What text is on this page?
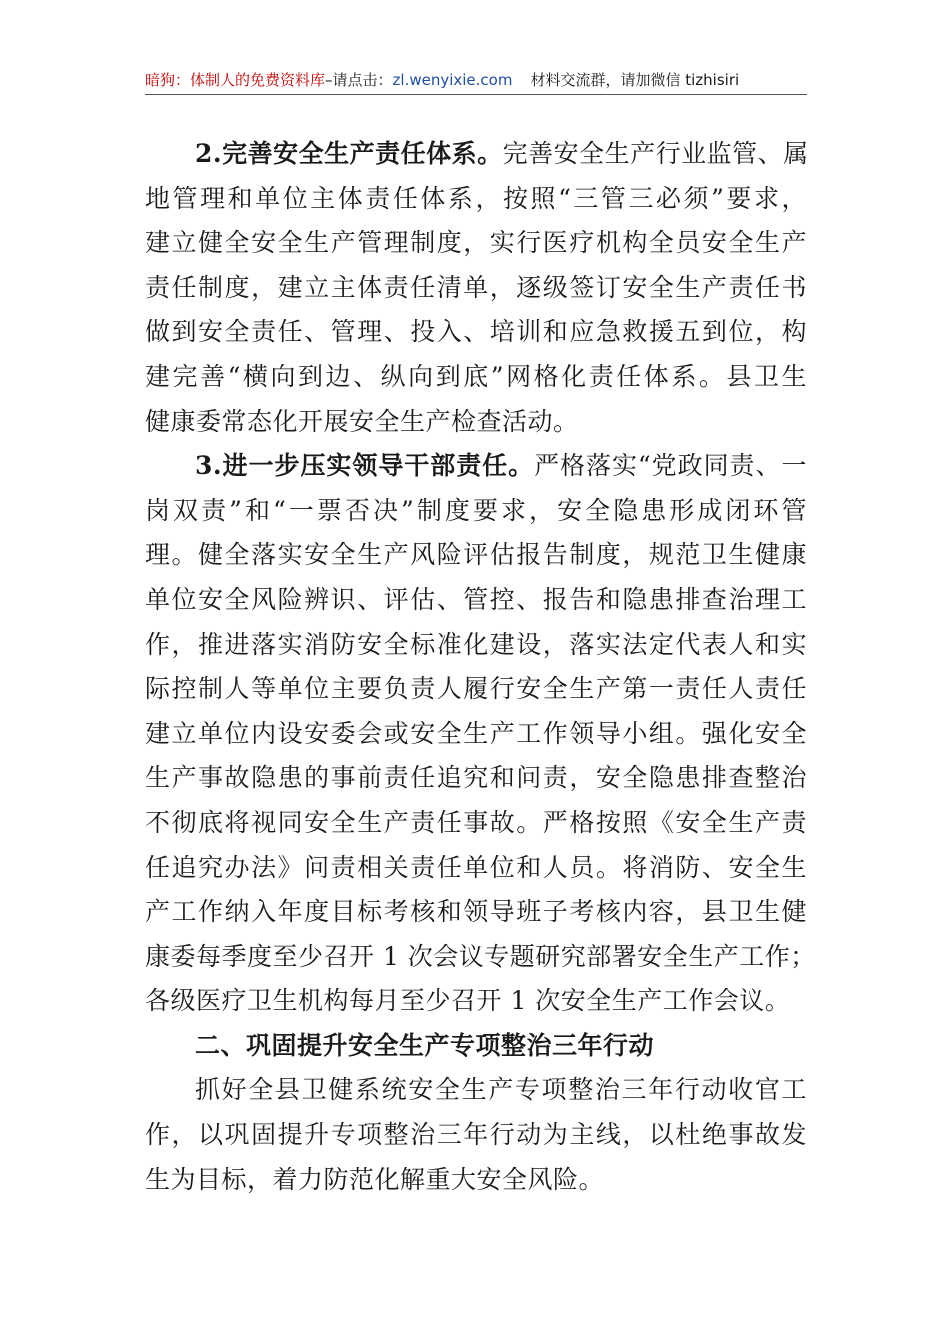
暗狗：体制人的免费资料库–请点击：zl.wenyixie.com 材料交流群，请加微信 tizhisiri
2.完善安全生产责任体系。完善安全生产行业监管、属
地管理和单位主体责任体系，按照“三管三必须”要求，
建立健全安全生产管理制度，实行医疗机构全员安全生产
责任制度，建立主体责任清单，逐级签订安全生产责任书
做到安全责任、管理、投入、培训和应急救援五到位，构
建完善“横向到边、纵向到底”网格化责任体系。县卫生
健康委常态化开展安全生产检查活动。
3.进一步压实领导干部责任。严格落实“党政同责、一
岗双责”和“一票否决”制度要求，安全隐患形成闭环管
理。健全落实安全生产风险评估报告制度，规范卫生健康
单位安全风险辨识、评估、管控、报告和隐患排查治理工
作，推进落实消防安全标准化建设，落实法定代表人和实
际控制人等单位主要负责人履行安全生产第一责任人责任
建立单位内设安委会或安全生产工作领导小组。强化安全
生产事故隐患的事前责任追究和问责，安全隐患排查整治
不彻底将视同安全生产责任事故。严格按照《安全生产责
任追究办法》问责相关责任单位和人员。将消防、安全生
产工作纳入年度目标考核和领导班子考核内容，县卫生健
康委每季度至少召开 1 次会议专题研究部署安全生产工作；
各级医疗卫生机构每月至少召开 1 次安全生产工作会议。
二、巩固提升安全生产专项整治三年行动
抓好全县卫健系统安全生产专项整治三年行动收官工
作，以巩固提升专项整治三年行动为主线，以杜绝事故发
生为目标，着力防范化解重大安全风险。
